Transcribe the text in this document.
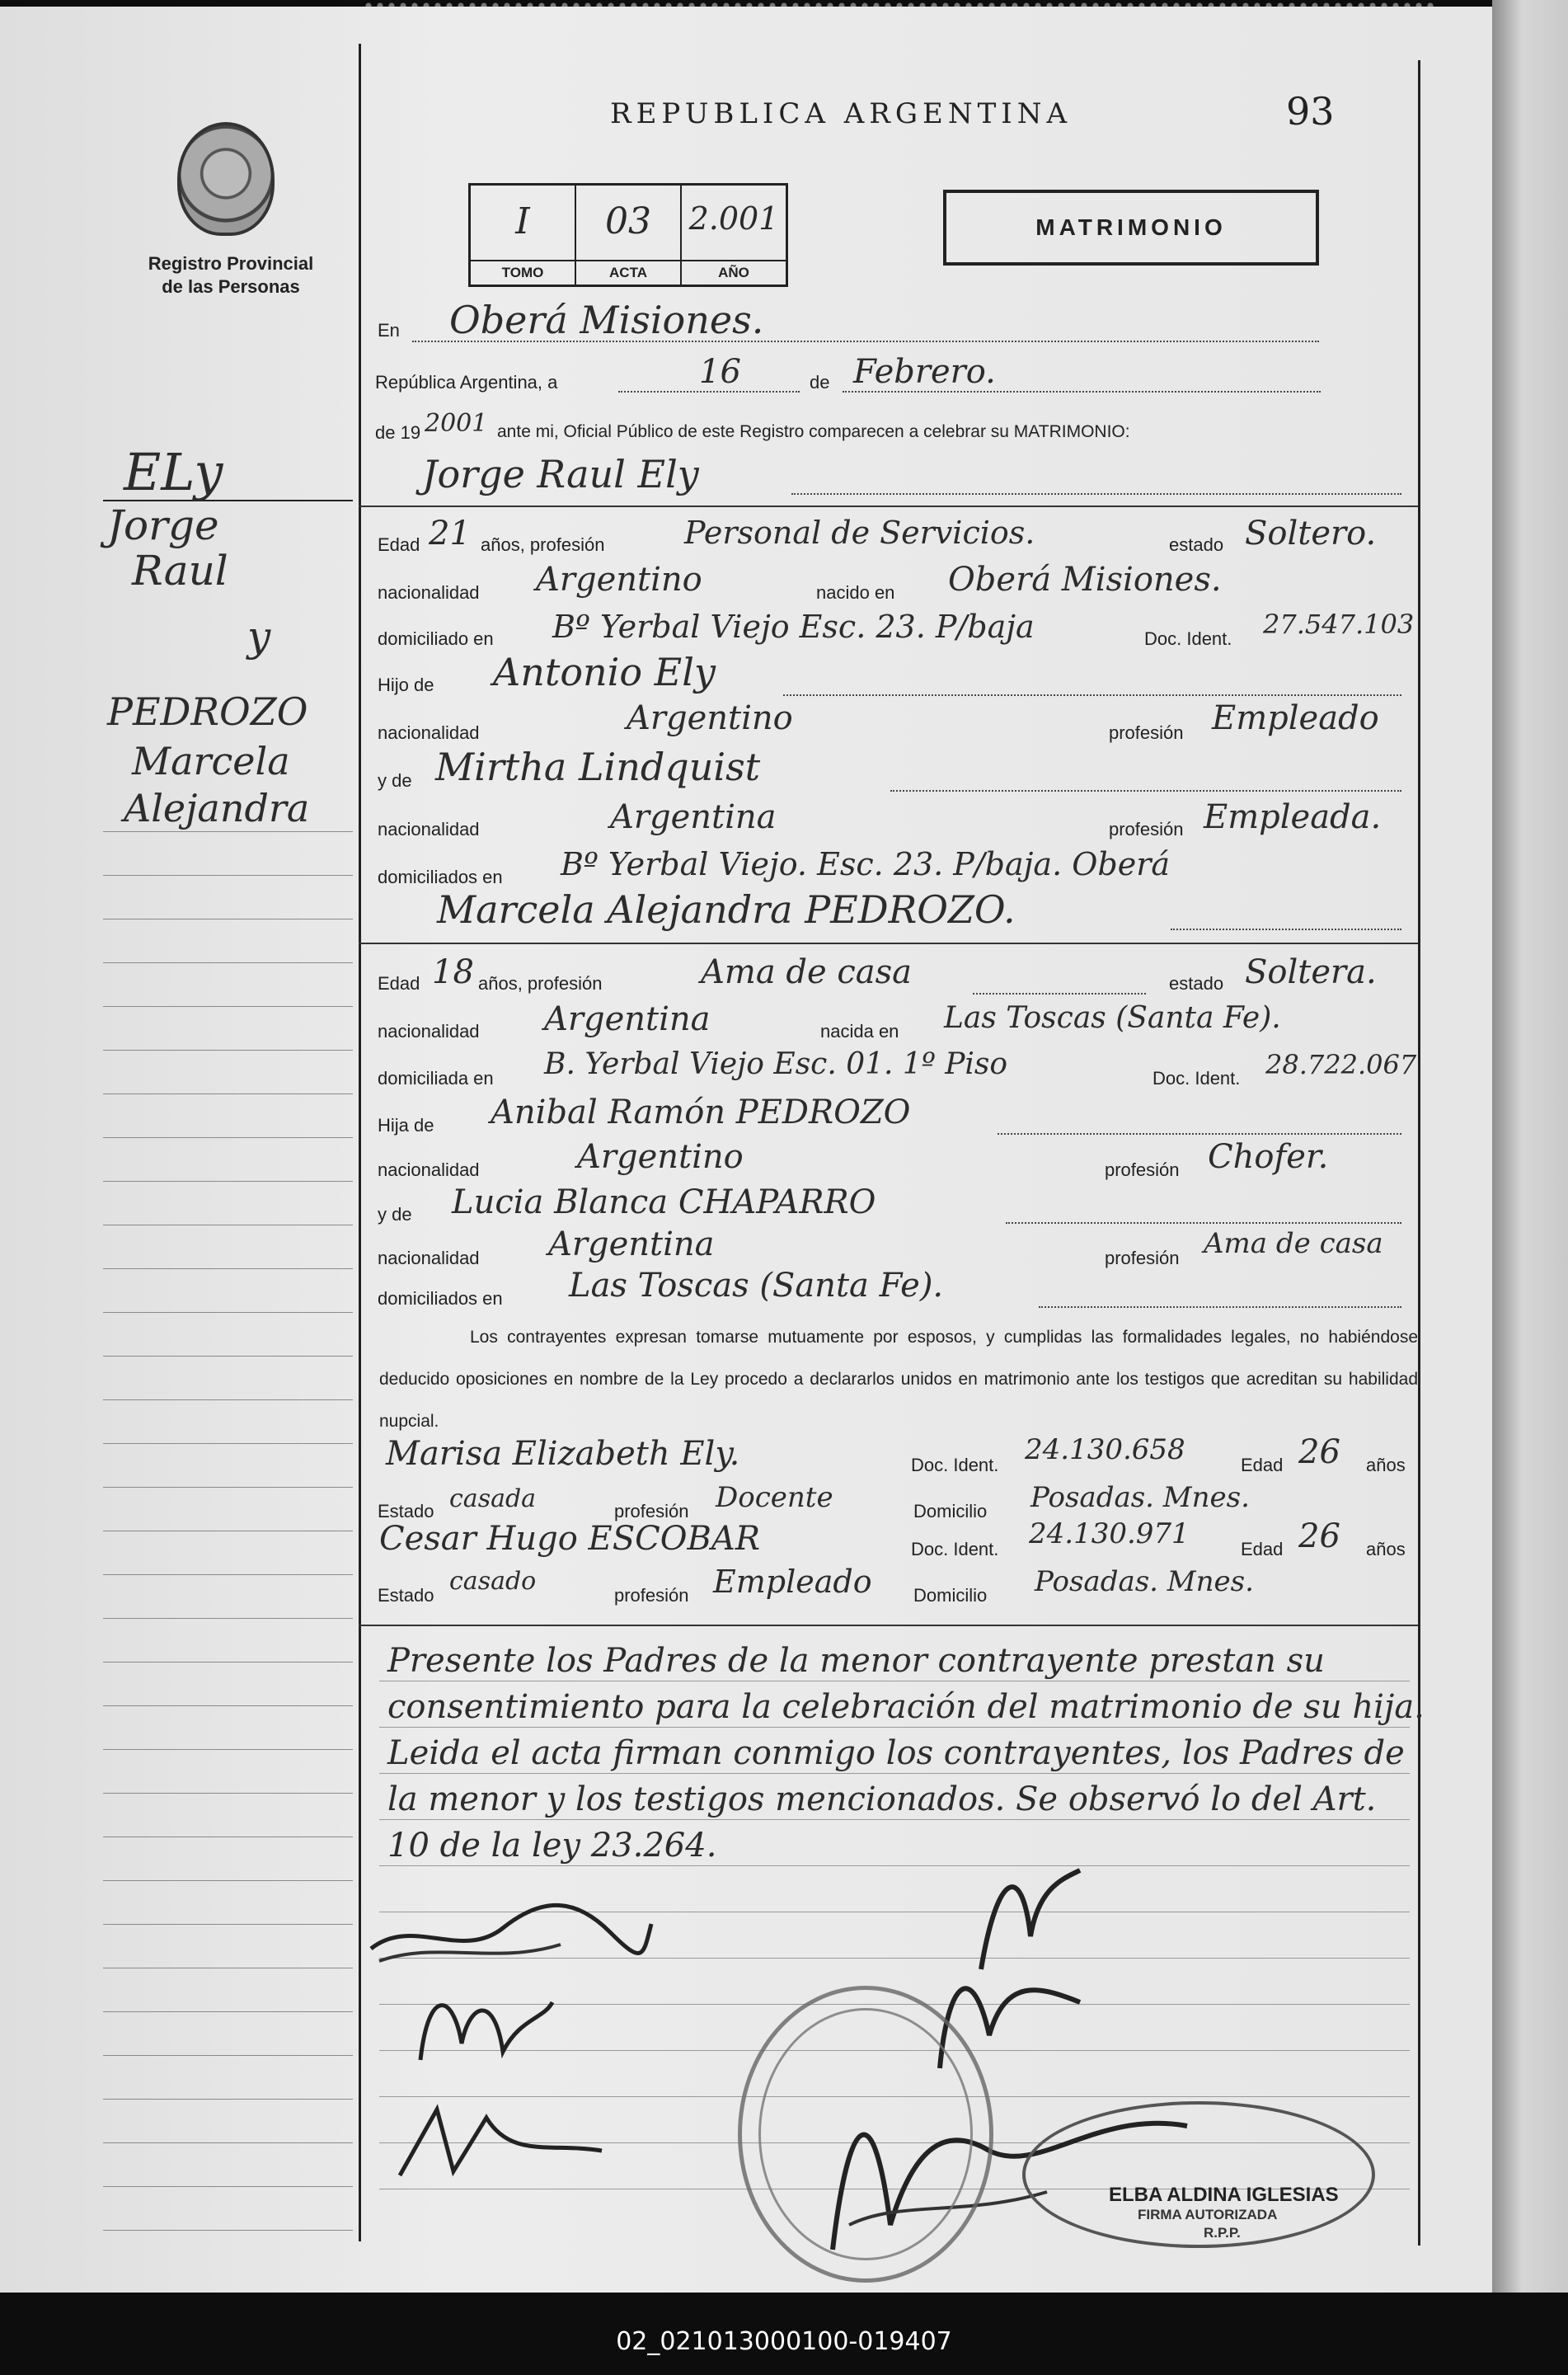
Registro Provincial
de las Personas
REPUBLICA ARGENTINA	93
I
TOMO
03
ACTA
2.001
AÑO
MATRIMONIO
ELy
Jorge
Raul
y
PEDROZO
Marcela
Alejandra
En Oberá Misiones.
República Argentina, a	16	de Febrero.
de 19 2001 ante mi, Oficial Público de este Registro comparecen a celebrar su MATRIMONIO:
Jorge Raul Ely
Edad 21 años, profesión	Personal de Servicios.	estado Soltero.
nacionalidad Argentino	nacido en Oberá Misiones.
domiciliado en Bº Yerbal Viejo Esc. 23. P/baja	Doc. Ident. 27.547.103
Hijo de Antonio Ely
nacionalidad	Argentino	profesión Empleado
y de Mirtha Lindquist
nacionalidad	Argentina	profesión Empleada.
domiciliados en Bº Yerbal Viejo. Esc. 23. P/baja. Oberá
Marcela Alejandra PEDROZO.
Edad 18 años, profesión	Ama de casa	estado Soltera.
nacionalidad Argentina	nacida en Las Toscas (Santa Fe).
domiciliada en B. Yerbal Viejo Esc. 01. 1º Piso	Doc. Ident. 28.722.067
Hija de Anibal Ramón PEDROZO
nacionalidad	Argentino	profesión Chofer.
y de Lucia Blanca CHAPARRO
nacionalidad Argentina	profesión Ama de casa
domiciliados en Las Toscas (Santa Fe).
Los contrayentes expresan tomarse mutuamente por esposos, y cumplidas las formalidades legales, no habiéndose deducido oposiciones en nombre de la Ley procedo a declararlos unidos en matrimonio ante los testigos que acreditan su habilidad nupcial.
Marisa Elizabeth Ely.	Doc. Ident. 24.130.658	Edad 26 años
Estado casada	profesión Docente	Domicilio Posadas. Mnes.
Cesar Hugo ESCOBAR	Doc. Ident. 24.130.971	Edad 26 años
Estado casado	profesión Empleado Domicilio Posadas. Mnes.
Presente los Padres de la menor contrayente prestan su consentimiento para la celebración del matrimonio de su hija. Leida el acta firman conmigo los contrayentes, los Padres de la menor y los testigos mencionados. Se observó lo del Art. 10 de la ley 23.264.
ELBA ALDINA IGLESIAS
FIRMA AUTORIZADA
R.P.P.
02_021013000100-019407
